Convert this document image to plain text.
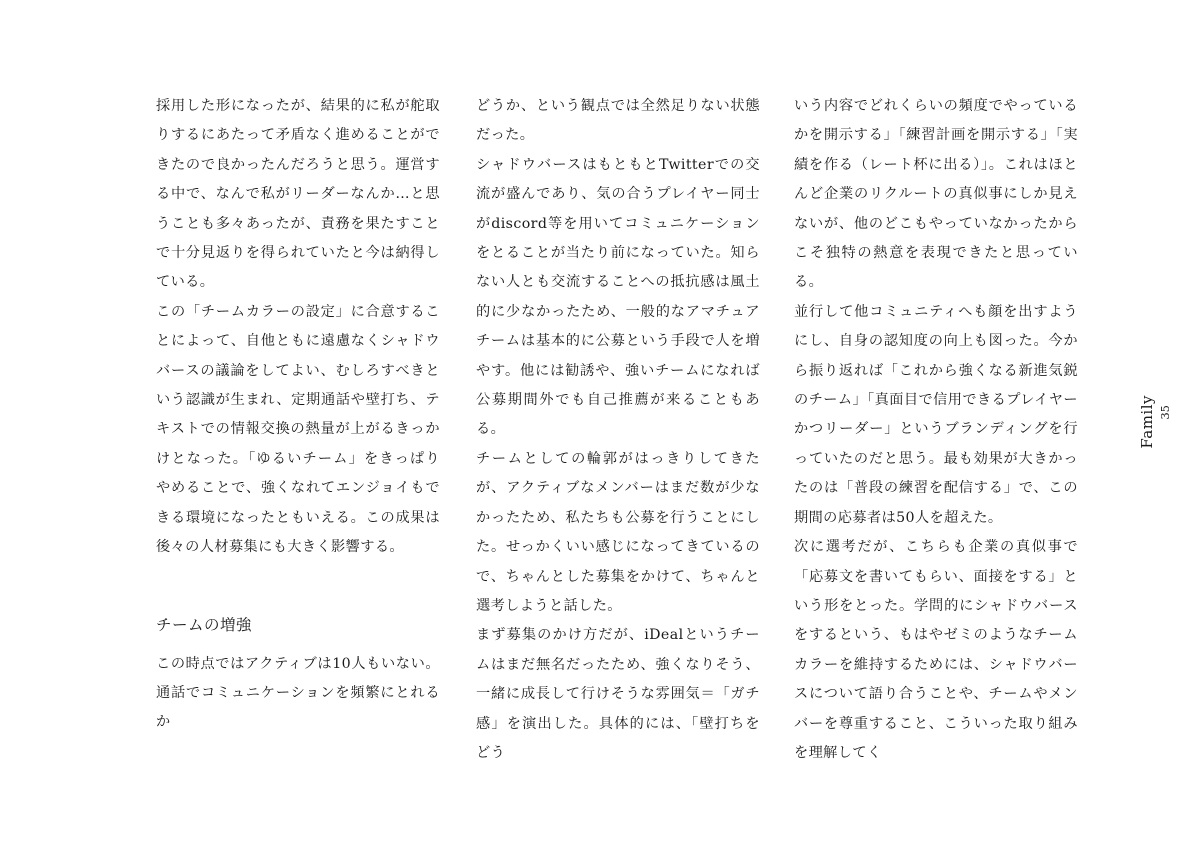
採用した形になったが、結果的に私が舵取りするにあたって矛盾なく進めることができたので良かったんだろうと思う。運営する中で、なんで私がリーダーなんか…と思うことも多々あったが、責務を果たすことで十分見返りを得られていたと今は納得している。

この「チームカラーの設定」に合意することによって、自他ともに遠慮なくシャドウバースの議論をしてよい、むしろすべきという認識が生まれ、定期通話や壁打ち、テキストでの情報交換の熱量が上がるきっかけとなった。「ゆるいチーム」をきっぱりやめることで、強くなれてエンジョイもできる環境になったともいえる。この成果は後々の人材募集にも大きく影響する。

チームの増強

この時点ではアクティブは10人もいない。通話でコミュニケーションを頻繁にとれるか

どうか、という観点では全然足りない状態だった。

シャドウバースはもともとTwitterでの交流が盛んであり、気の合うプレイヤー同士がdiscord等を用いてコミュニケーションをとることが当たり前になっていた。知らない人とも交流することへの抵抗感は風土的に少なかったため、一般的なアマチュアチームは基本的に公募という手段で人を増やす。他には勧誘や、強いチームになれば公募期間外でも自己推薦が来ることもある。

チームとしての輪郭がはっきりしてきたが、アクティブなメンバーはまだ数が少なかったため、私たちも公募を行うことにした。せっかくいい感じになってきているので、ちゃんとした募集をかけて、ちゃんと選考しようと話した。

まず募集のかけ方だが、iDealというチームはまだ無名だったため、強くなりそう、一緒に成長して行けそうな雰囲気＝「ガチ感」を演出した。具体的には、「壁打ちをどう

いう内容でどれくらいの頻度でやっているかを開示する」「練習計画を開示する」「実績を作る（レート杯に出る）」。これはほとんど企業のリクルートの真似事にしか見えないが、他のどこもやっていなかったからこそ独特の熱意を表現できたと思っている。

並行して他コミュニティへも顔を出すようにし、自身の認知度の向上も図った。今から振り返れば「これから強くなる新進気鋭のチーム」「真面目で信用できるプレイヤーかつリーダー」というブランディングを行っていたのだと思う。最も効果が大きかったのは「普段の練習を配信する」で、この期間の応募者は50人を超えた。

次に選考だが、こちらも企業の真似事で「応募文を書いてもらい、面接をする」という形をとった。学問的にシャドウバースをするという、もはやゼミのようなチームカラーを維持するためには、シャドウバースについて語り合うことや、チームやメンバーを尊重すること、こういった取り組みを理解してく

Family 35
